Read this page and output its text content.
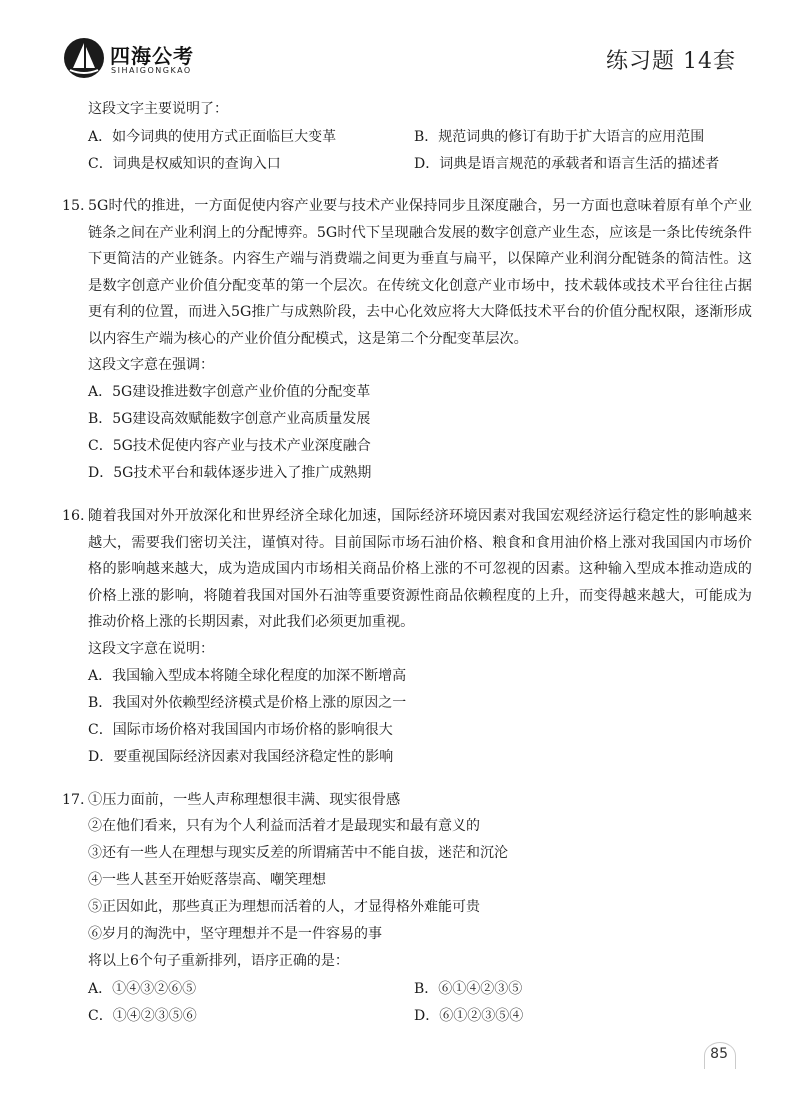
四海公考
SIHAIGONGKAO	练习题 14套
这段文字主要说明了：
A．如今词典的使用方式正面临巨大变革	B．规范词典的修订有助于扩大语言的应用范围
C．词典是权威知识的查询入口	D．词典是语言规范的承载者和语言生活的描述者
15. 5G时代的推进，一方面促使内容产业要与技术产业保持同步且深度融合，另一方面也意味着原有单个产业链条之间在产业利润上的分配博弈。5G时代下呈现融合发展的数字创意产业生态，应该是一条比传统条件下更简洁的产业链条。内容生产端与消费端之间更为垂直与扁平，以保障产业利润分配链条的简洁性。这是数字创意产业价值分配变革的第一个层次。在传统文化创意产业市场中，技术载体或技术平台往往占据更有利的位置，而进入5G推广与成熟阶段，去中心化效应将大大降低技术平台的价值分配权限，逐渐形成以内容生产端为核心的产业价值分配模式，这是第二个分配变革层次。
这段文字意在强调：
A．5G建设推进数字创意产业价值的分配变革
B．5G建设高效赋能数字创意产业高质量发展
C．5G技术促使内容产业与技术产业深度融合
D．5G技术平台和载体逐步进入了推广成熟期
16. 随着我国对外开放深化和世界经济全球化加速，国际经济环境因素对我国宏观经济运行稳定性的影响越来越大，需要我们密切关注，谨慎对待。目前国际市场石油价格、粮食和食用油价格上涨对我国国内市场价格的影响越来越大，成为造成国内市场相关商品价格上涨的不可忽视的因素。这种输入型成本推动造成的价格上涨的影响，将随着我国对国外石油等重要资源性商品依赖程度的上升，而变得越来越大，可能成为推动价格上涨的长期因素，对此我们必须更加重视。
这段文字意在说明：
A．我国输入型成本将随全球化程度的加深不断增高
B．我国对外依赖型经济模式是价格上涨的原因之一
C．国际市场价格对我国国内市场价格的影响很大
D．要重视国际经济因素对我国经济稳定性的影响
17. ①压力面前，一些人声称理想很丰满、现实很骨感
②在他们看来，只有为个人利益而活着才是最现实和最有意义的
③还有一些人在理想与现实反差的所谓痛苦中不能自拔，迷茫和沉沦
④一些人甚至开始贬落崇高、嘲笑理想
⑤正因如此，那些真正为理想而活着的人，才显得格外难能可贵
⑥岁月的淘洗中，坚守理想并不是一件容易的事
将以上6个句子重新排列，语序正确的是：
A．①④③②⑥⑤	B．⑥①④②③⑤
C．①④②③⑤⑥	D．⑥①②③⑤④
85
